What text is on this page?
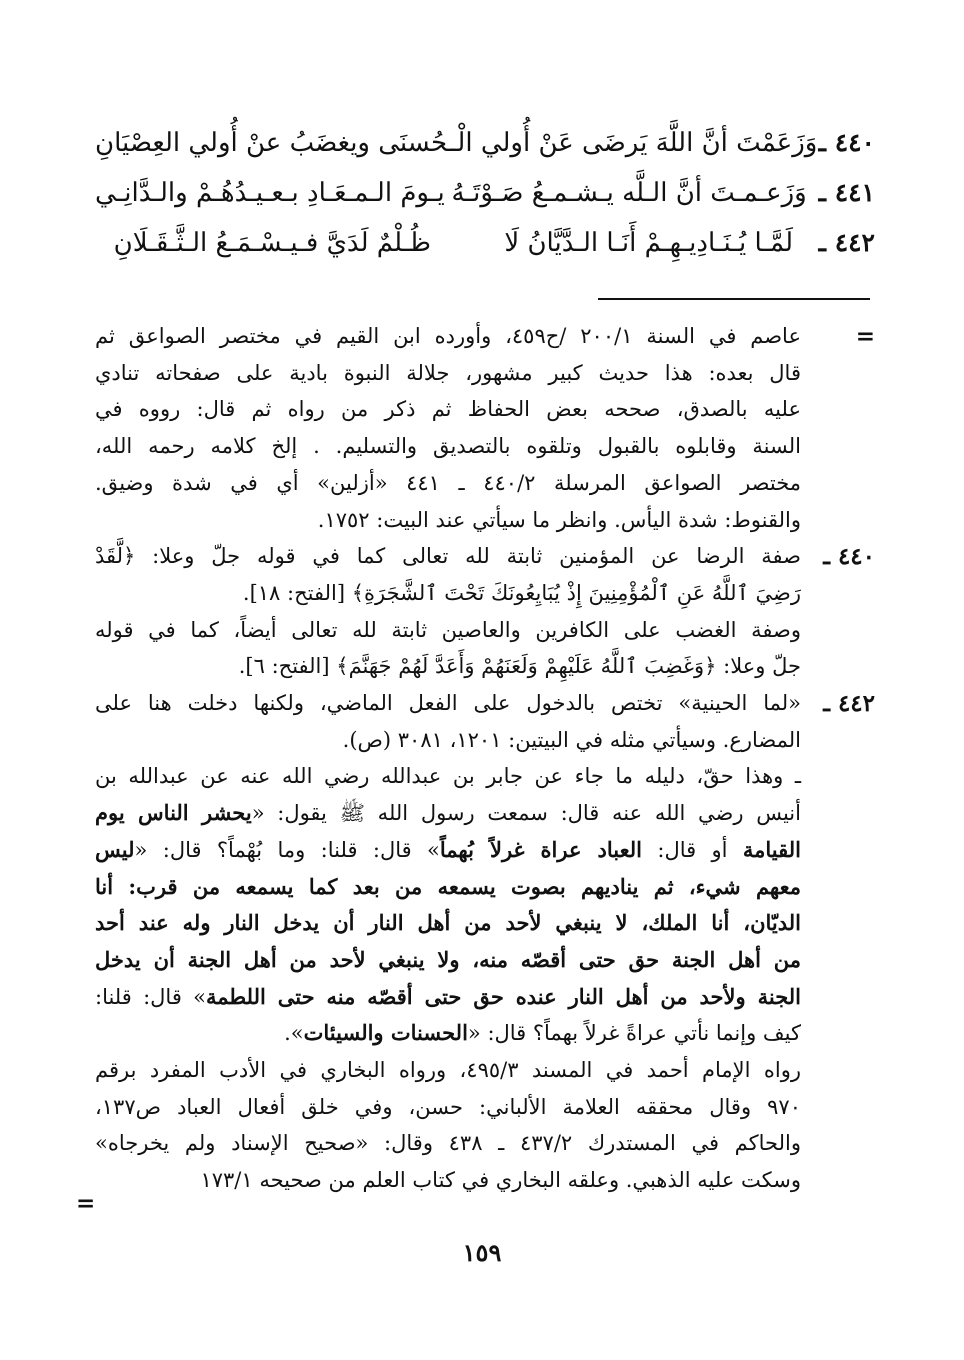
٤٤٠ ـ
وَزَعَمْتَ أنَّ اللَّهَ يَرضَى عَنْ أُولي الْـ
ـحُسنَى ويغضَبُ عنْ أُولي العِصْيَانِ
٤٤١ ـ
وَزَعـمـتَ أنَّ الـلَّه يـشـمـعُ صَـوْتَـهُ
يـومَ الـمـعَـادِ بـعـيـدُهُـمْ والـدَّانِـي
٤٤٢ ـ
لَمَّـا يُـنَـادِيـهِـمْ أَنَـا الـدَّيَّانُ لَا
ظُـلْمٌ لَدَيَّ فـيـسْـمَـعُ الـثَّـقَـلَانِ
=
عاصم في السنة ٢٠٠/١ /ح٤٥٩، وأورده ابن القيم في مختصر الصواعق ثم
قال بعده: هذا حديث كبير مشهور، جلالة النبوة بادية على صفحاته تنادي
عليه بالصدق، صححه بعض الحفاظ ثم ذكر من رواه ثم قال: رووه في
السنة وقابلوه بالقبول وتلقوه بالتصديق والتسليم. . إلخ كلامه رحمه الله،
مختصر الصواعق المرسلة ٤٤٠/٢ ـ ٤٤١ «أزلين» أي في شدة وضيق.
والقنوط: شدة اليأس. وانظر ما سيأتي عند البيت: ١٧٥٢.
٤٤٠ ـ
صفة الرضا عن المؤمنين ثابتة لله تعالى كما في قوله جلّ وعلا: ﴿لَّقَدْ
رَضِيَ ٱللَّهُ عَنِ ٱلْمُؤْمِنِينَ إِذْ يُبَايِعُونَكَ تَحْتَ ٱلشَّجَرَةِ﴾ [الفتح: ١٨].
وصفة الغضب على الكافرين والعاصين ثابتة لله تعالى أيضاً، كما في قوله
جلّ وعلا: ﴿وَغَضِبَ ٱللَّهُ عَلَيْهِمْ وَلَعَنَهُمْ وَأَعَدَّ لَهُمْ جَهَنَّمَ﴾ [الفتح: ٦].
٤٤٢ ـ
«لما الحينية» تختص بالدخول على الفعل الماضي، ولكنها دخلت هنا على
المضارع. وسيأتي مثله في البيتين: ١٢٠١، ٣٠٨١ (ص).
ـ وهذا حقّ، دليله ما جاء عن جابر بن عبدالله رضي الله عنه عن عبدالله بن
أنيس رضي الله عنه قال: سمعت رسول الله ﷺ يقول: «يحشر الناس يوم
القيامة أو قال: العباد عراة غرلاً بُهماً» قال: قلنا: وما بُهْماً؟ قال: «ليس
معهم شيء، ثم يناديهم بصوت يسمعه من بعد كما يسمعه من قرب: أنا
الديّان، أنا الملك، لا ينبغي لأحد من أهل النار أن يدخل النار وله عند أحد
من أهل الجنة حق حتى أقصّه منه، ولا ينبغي لأحد من أهل الجنة أن يدخل
الجنة ولأحد من أهل النار عنده حق حتى أقصّه منه حتى اللطمة» قال: قلنا:
كيف وإنما نأتي عراةً غرلاً بهماً؟ قال: «الحسنات والسيئات».
رواه الإمام أحمد في المسند ٤٩٥/٣، ورواه البخاري في الأدب المفرد برقم
٩٧٠ وقال محققه العلامة الألباني: حسن، وفي خلق أفعال العباد ص١٣٧،
والحاكم في المستدرك ٤٣٧/٢ ـ ٤٣٨ وقال: «صحيح الإسناد ولم يخرجاه»
وسكت عليه الذهبي. وعلقه البخاري في كتاب العلم من صحيحه ١٧٣/١
=
١٥٩
